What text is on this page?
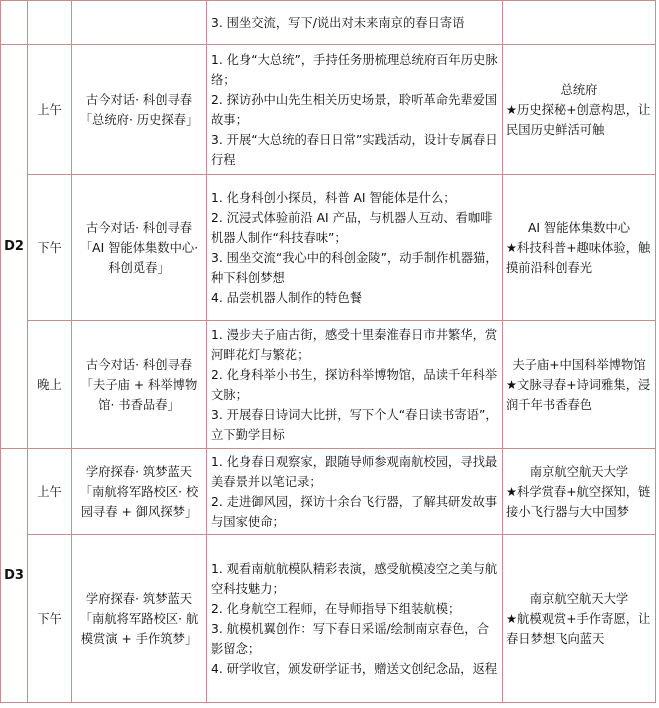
			3. 围坐交流，写下/说出对未来南京的春日寄语	

D2	上午	古今对话· 科创寻春「总统府· 历史探春」	1. 化身“大总统”，手持任务册梳理总统府百年历史脉络；
2. 探访孙中山先生相关历史场景，聆听革命先辈爱国故事；
3. 开展“大总统的春日日常”实践活动，设计专属春日行程	总统府
★历史探秘+创意构思，让民国历史鲜活可触

	下午	古今对话· 科创寻春「AI 智能体集数中心· 科创觅春」	1. 化身科创小探员，科普 AI 智能体是什么；
2. 沉浸式体验前沿 AI 产品，与机器人互动、看咖啡机器人制作“科技春味”；
3. 围坐交流“我心中的科创金陵”，动手制作机器猫，种下科创梦想
4. 品尝机器人制作的特色餐	AI 智能体集数中心
★科技科普+趣味体验，触摸前沿科创春光

	晚上	古今对话· 科创寻春「夫子庙 + 科举博物馆· 书香品春」	1. 漫步夫子庙古街，感受十里秦淮春日市井繁华，赏河畔花灯与繁花；
2. 化身科举小书生，探访科举博物馆，品读千年科举文脉；
3. 开展春日诗词大比拼，写下个人“春日读书寄语”，立下勤学目标	夫子庙+中国科举博物馆
★文脉寻春+诗词雅集，浸润千年书香春色

D3	上午	学府探春· 筑梦蓝天「南航将军路校区· 校园寻春 + 御风探梦」	1. 化身春日观察家，跟随导师参观南航校园，寻找最美春景并以笔记录；
2. 走进御风园，探访十余台飞行器，了解其研发故事与国家使命；	南京航空航天大学
★科学赏春+航空探知，链接小飞行器与大中国梦

	下午	学府探春· 筑梦蓝天「南航将军路校区· 航模赏演 + 手作筑梦」	1. 观看南航航模队精彩表演，感受航模凌空之美与航空科技魅力；
2. 化身航空工程师，在导师指导下组装航模；
3. 航模机翼创作：写下春日采谣/绘制南京春色，合影留念；
4. 研学收官，颁发研学证书，赠送文创纪念品，返程	南京航空航天大学
★航模观赏+手作寄愿，让春日梦想飞向蓝天
